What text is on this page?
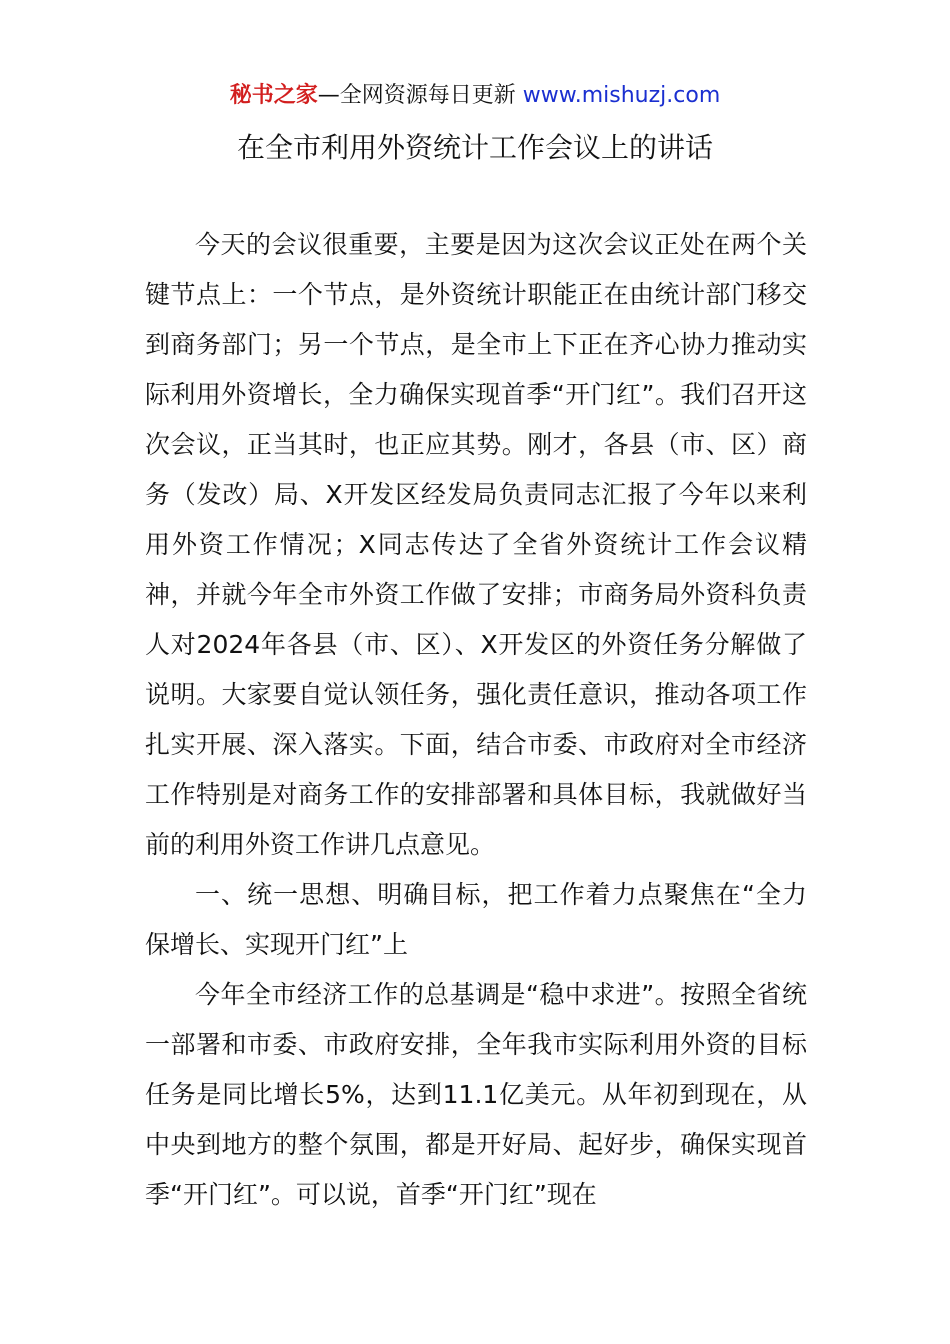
秘书之家—全网资源每日更新 www.mishuzj.com
在全市利用外资统计工作会议上的讲话

今天的会议很重要，主要是因为这次会议正处在两个关键节点上：一个节点，是外资统计职能正在由统计部门移交到商务部门；另一个节点，是全市上下正在齐心协力推动实际利用外资增长，全力确保实现首季“开门红”。我们召开这次会议，正当其时，也正应其势。刚才，各县（市、区）商务（发改）局、X开发区经发局负责同志汇报了今年以来利用外资工作情况；X同志传达了全省外资统计工作会议精神，并就今年全市外资工作做了安排；市商务局外资科负责人对2024年各县（市、区）、X开发区的外资任务分解做了说明。大家要自觉认领任务，强化责任意识，推动各项工作扎实开展、深入落实。下面，结合市委、市政府对全市经济工作特别是对商务工作的安排部署和具体目标，我就做好当前的利用外资工作讲几点意见。

一、统一思想、明确目标，把工作着力点聚焦在“全力保增长、实现开门红”上

今年全市经济工作的总基调是“稳中求进”。按照全省统一部署和市委、市政府安排，全年我市实际利用外资的目标任务是同比增长5%，达到11.1亿美元。从年初到现在，从中央到地方的整个氛围，都是开好局、起好步，确保实现首季“开门红”。可以说，首季“开门红”现在
